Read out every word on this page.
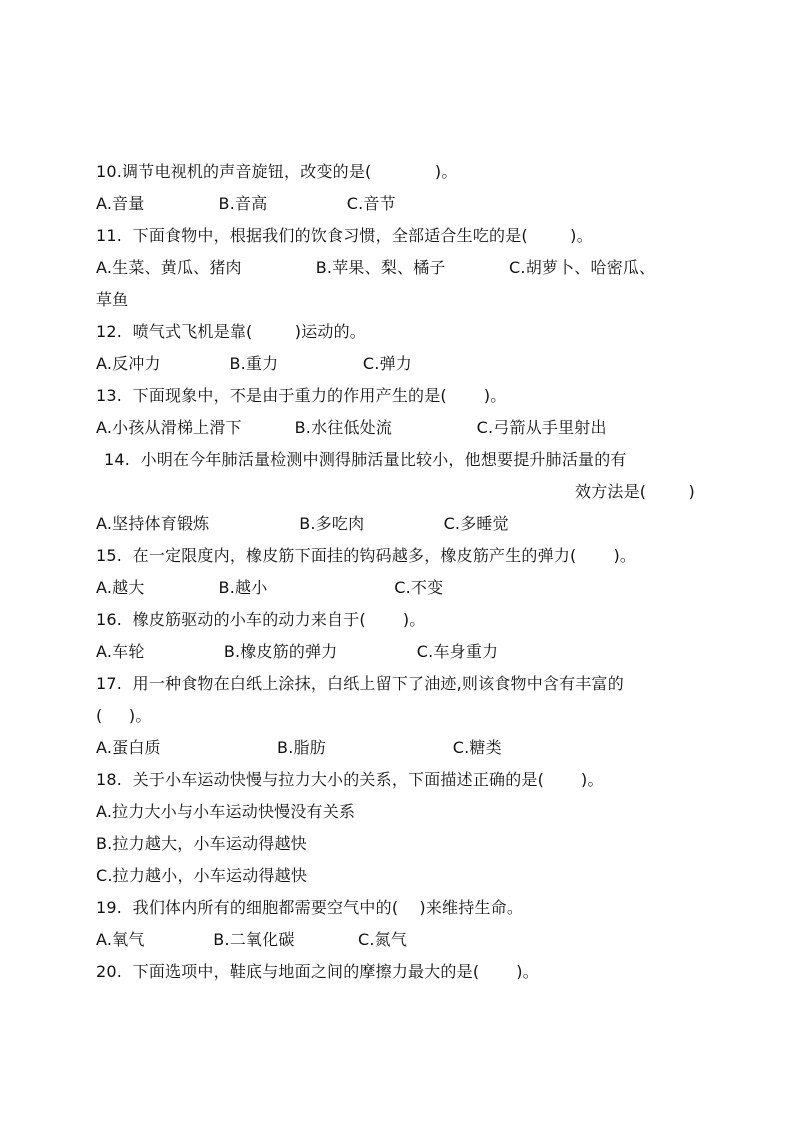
10.调节电视机的声音旋钮，改变的是(            )。
A.音量              B.音高               C.音节
11.  下面食物中，根据我们的饮食习惯，全部适合生吃的是(        )。
A.生菜、黄瓜、猪肉              B.苹果、梨、橘子            C.胡萝卜、哈密瓜、
草鱼
12.  喷气式飞机是靠(        )运动的。
A.反冲力             B.重力                C.弹力
13.  下面现象中，不是由于重力的作用产生的是(       )。
A.小孩从滑梯上滑下          B.水往低处流                C.弓箭从手里射出
14.  小明在今年肺活量检测中测得肺活量比较小，他想要提升肺活量的有
效方法是(        )
A.坚持体育锻炼                 B.多吃肉               C.多睡觉
15.  在一定限度内，橡皮筋下面挂的钩码越多，橡皮筋产生的弹力(       )。
A.越大              B.越小                        C.不变
16.  橡皮筋驱动的小车的动力来自于(       )。
A.车轮               B.橡皮筋的弹力               C.车身重力
17.  用一种食物在白纸上涂抹，白纸上留下了油迹,则该食物中含有丰富的
(     )。
A.蛋白质                      B.脂肪                        C.糖类
18.  关于小车运动快慢与拉力大小的关系，下面描述正确的是(       )。
A.拉力大小与小车运动快慢没有关系
B.拉力越大，小车运动得越快
C.拉力越小，小车运动得越快
19.  我们体内所有的细胞都需要空气中的(    )来维持生命。
A.氧气             B.二氧化碳            C.氮气
20.  下面选项中，鞋底与地面之间的摩擦力最大的是(       )。
